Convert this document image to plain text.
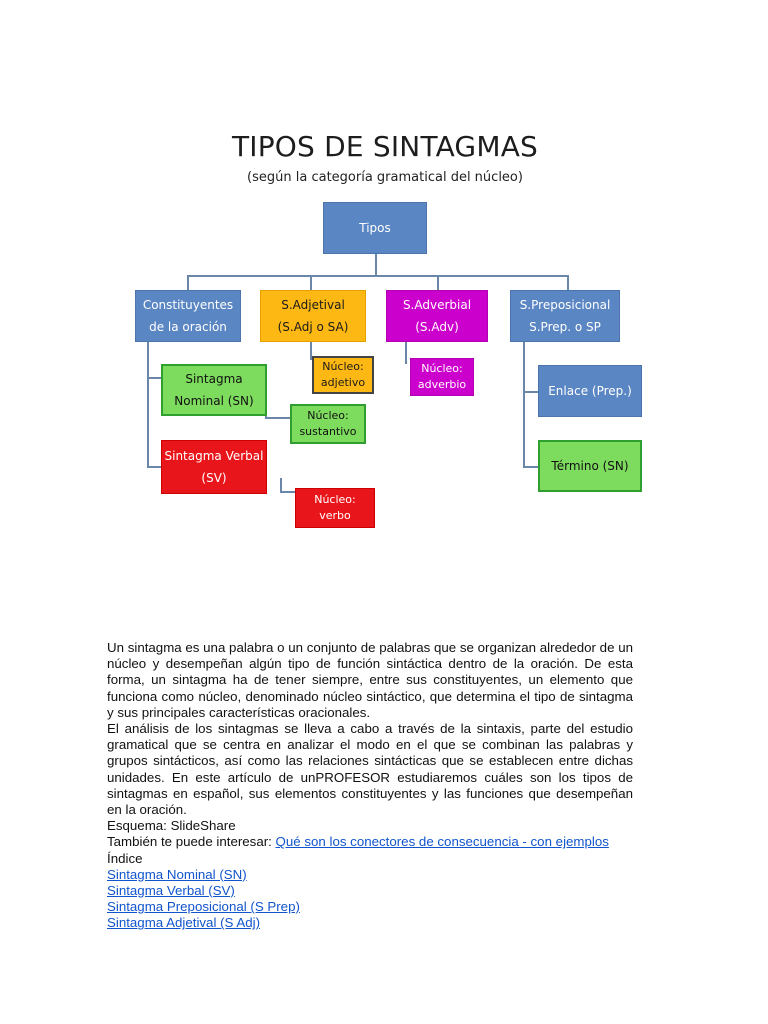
TIPOS DE SINTAGMAS
(según la categoría gramatical del núcleo)
Tipos
Constituyentes
de la oración
S.Adjetival
(S.Adj o SA)
S.Adverbial
(S.Adv)
S.Preposicional
S.Prep. o SP
Núcleo:
adjetivo
Núcleo:
adverbio
Sintagma
Nominal (SN)
Núcleo:
sustantivo
Sintagma Verbal
(SV)
Núcleo:
verbo
Enlace (Prep.)
Término (SN)

Un sintagma es una palabra o un conjunto de palabras que se organizan alrededor de un núcleo y desempeñan algún tipo de función sintáctica dentro de la oración. De esta forma, un sintagma ha de tener siempre, entre sus constituyentes, un elemento que funciona como núcleo, denominado núcleo sintáctico, que determina el tipo de sintagma y sus principales características oracionales.

El análisis de los sintagmas se lleva a cabo a través de la sintaxis, parte del estudio gramatical que se centra en analizar el modo en el que se combinan las palabras y grupos sintácticos, así como las relaciones sintácticas que se establecen entre dichas unidades. En este artículo de unPROFESOR estudiaremos cuáles son los tipos de sintagmas en español, sus elementos constituyentes y las funciones que desempeñan en la oración.

Esquema: SlideShare

También te puede interesar: Qué son los conectores de consecuencia - con ejemplos

Índice

Sintagma Nominal (SN)

Sintagma Verbal (SV)

Sintagma Preposicional (S Prep)

Sintagma Adjetival (S Adj)
